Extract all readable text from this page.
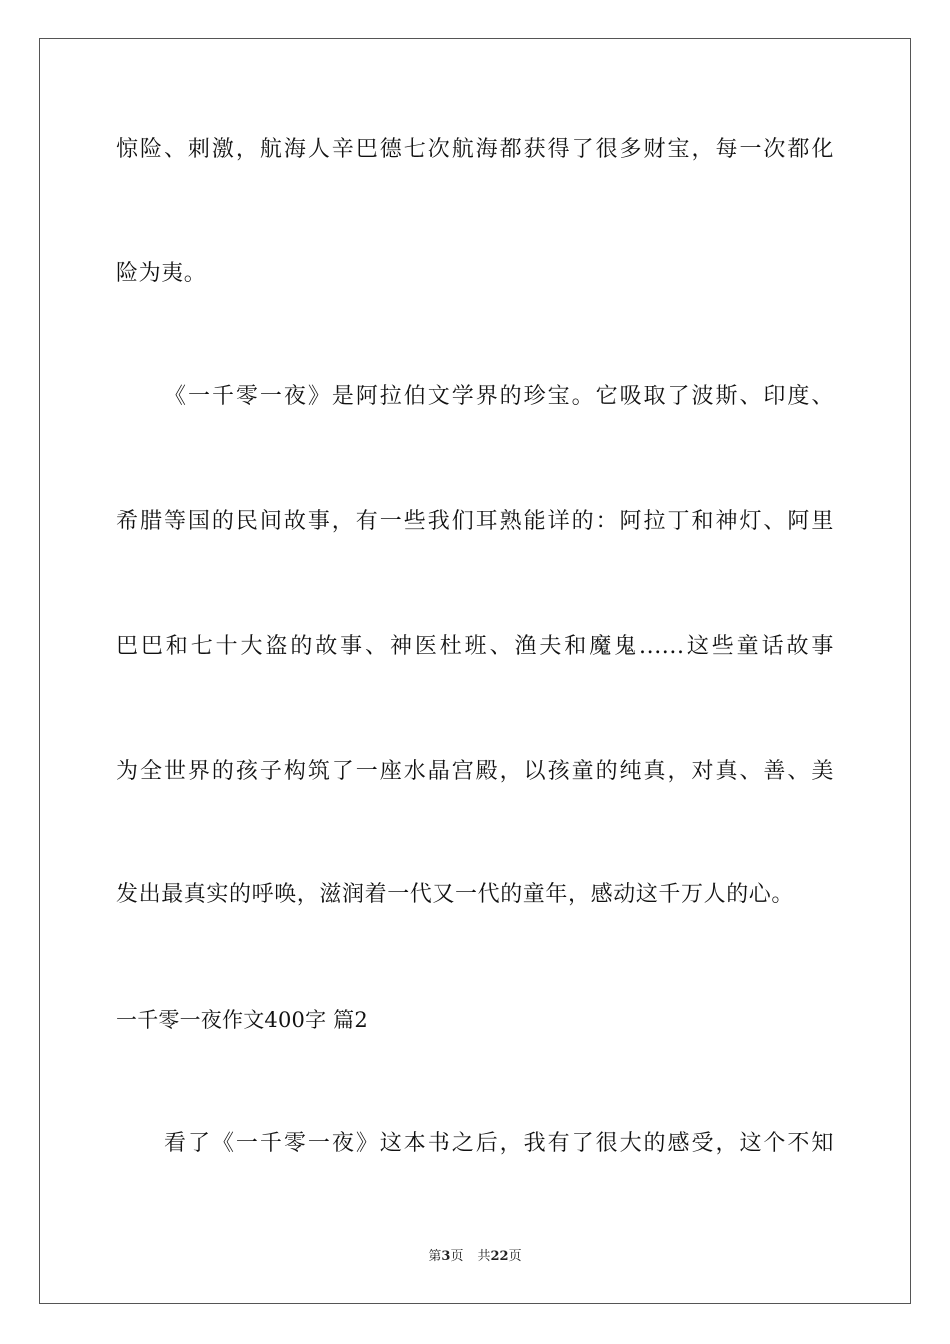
惊险、刺激，航海人辛巴德七次航海都获得了很多财宝，每一次都化
险为夷。
《一千零一夜》是阿拉伯文学界的珍宝。它吸取了波斯、印度、
希腊等国的民间故事，有一些我们耳熟能详的：阿拉丁和神灯、阿里
巴巴和七十大盗的故事、神医杜班、渔夫和魔鬼......这些童话故事
为全世界的孩子构筑了一座水晶宫殿，以孩童的纯真，对真、善、美
发出最真实的呼唤，滋润着一代又一代的童年，感动这千万人的心。
一千零一夜作文400字 篇2
看了《一千零一夜》这本书之后，我有了很大的感受，这个不知
第3页 共22页
